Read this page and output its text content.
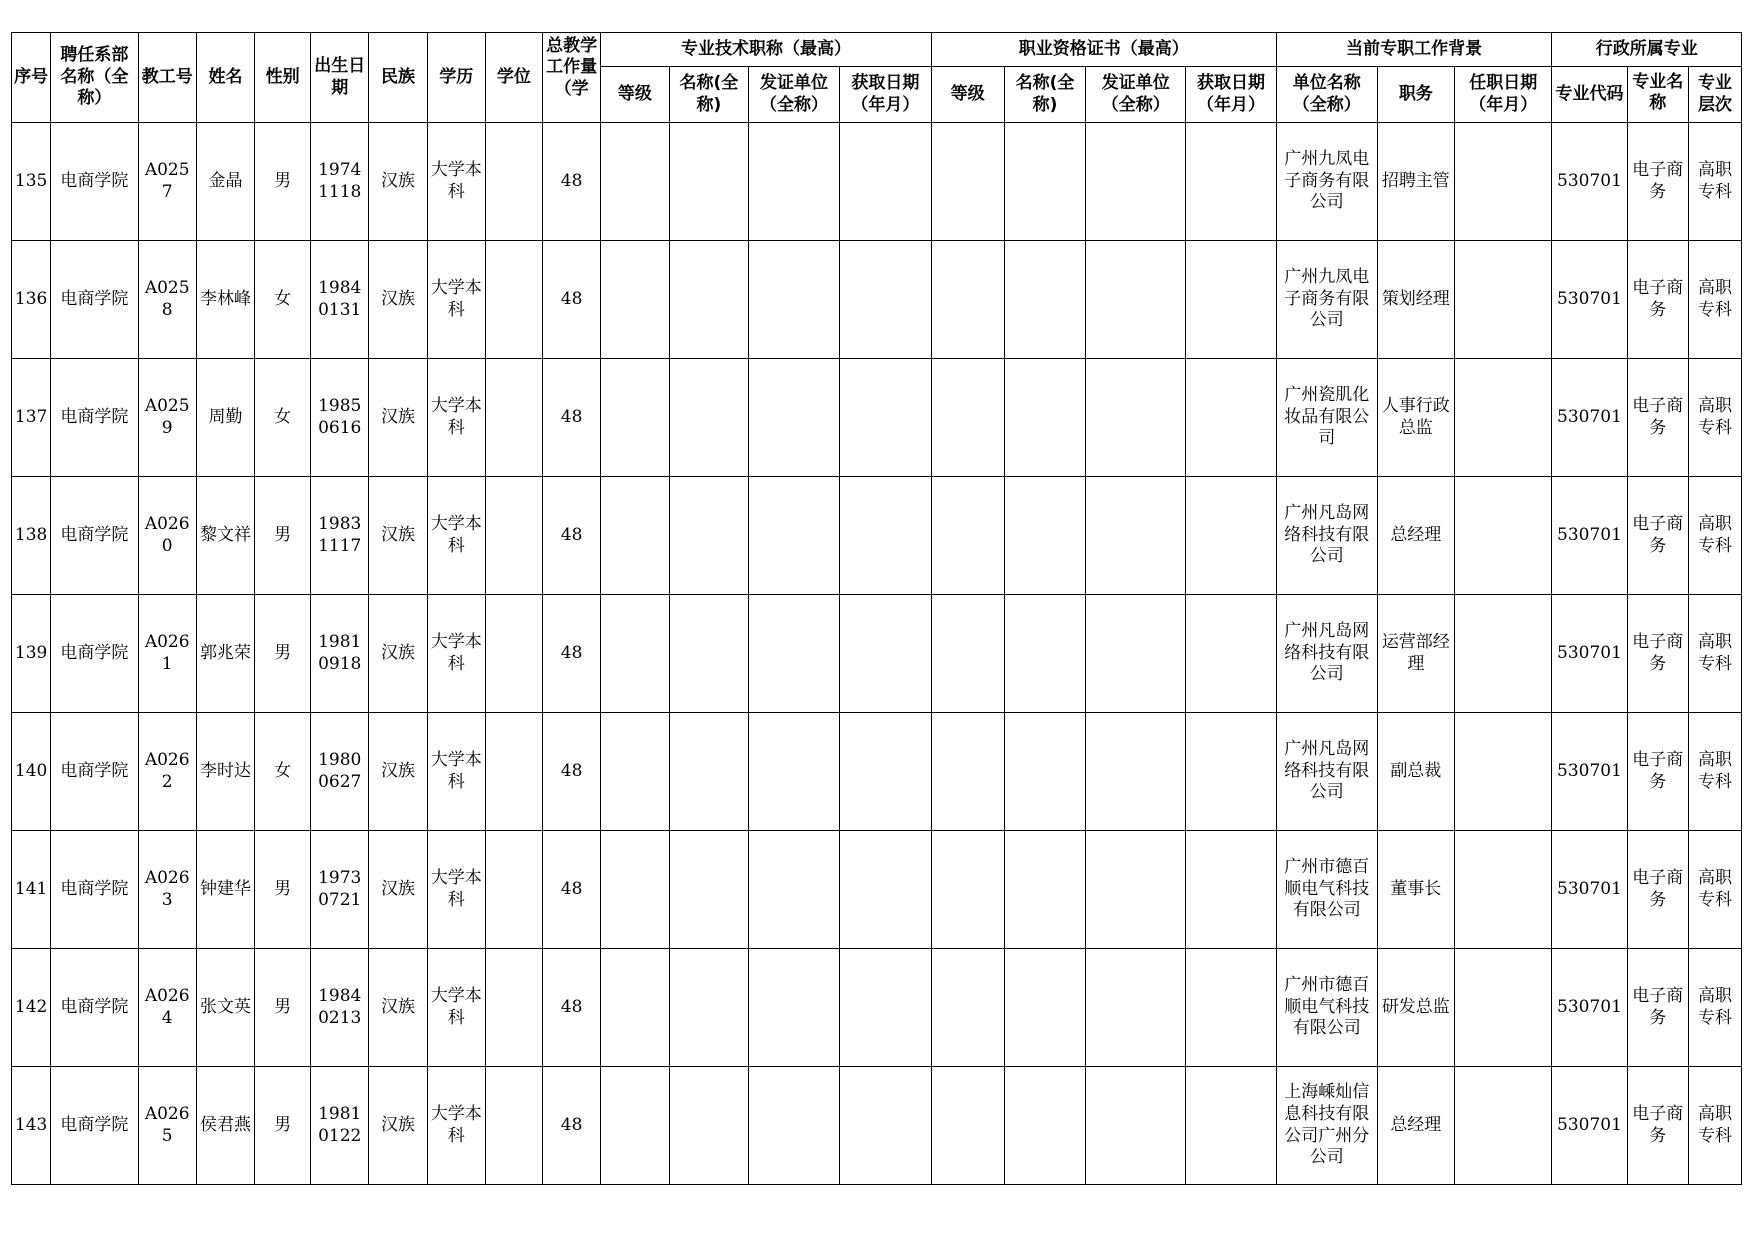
序号	聘任系部名称（全称）	教工号	姓名	性别	出生日期	民族	学历	学位	总教学工作量（学	专业技术职称（最高）				职业资格证书（最高）				当前专职工作背景			行政所属专业		
										等级	名称(全称)	发证单位（全称）	获取日期（年月）	等级	名称(全称)	发证单位（全称）	获取日期（年月）	单位名称（全称）	职务	任职日期（年月）	专业代码	专业名称	专业层次
135	电商学院	A0257	金晶	男	19741118	汉族	大学本科		48									广州九凤电子商务有限公司	招聘主管		530701	电子商务	高职专科
136	电商学院	A0258	李林峰	女	19840131	汉族	大学本科		48									广州九凤电子商务有限公司	策划经理		530701	电子商务	高职专科
137	电商学院	A0259	周勤	女	19850616	汉族	大学本科		48									广州瓷肌化妆品有限公司	人事行政总监		530701	电子商务	高职专科
138	电商学院	A0260	黎文祥	男	19831117	汉族	大学本科		48									广州凡岛网络科技有限公司	总经理		530701	电子商务	高职专科
139	电商学院	A0261	郭兆荣	男	19810918	汉族	大学本科		48									广州凡岛网络科技有限公司	运营部经理		530701	电子商务	高职专科
140	电商学院	A0262	李时达	女	19800627	汉族	大学本科		48									广州凡岛网络科技有限公司	副总裁		530701	电子商务	高职专科
141	电商学院	A0263	钟建华	男	19730721	汉族	大学本科		48									广州市德百顺电气科技有限公司	董事长		530701	电子商务	高职专科
142	电商学院	A0264	张文英	男	19840213	汉族	大学本科		48									广州市德百顺电气科技有限公司	研发总监		530701	电子商务	高职专科
143	电商学院	A0265	侯君燕	男	19810122	汉族	大学本科		48									上海嵊灿信息科技有限公司广州分公司	总经理		530701	电子商务	高职专科
